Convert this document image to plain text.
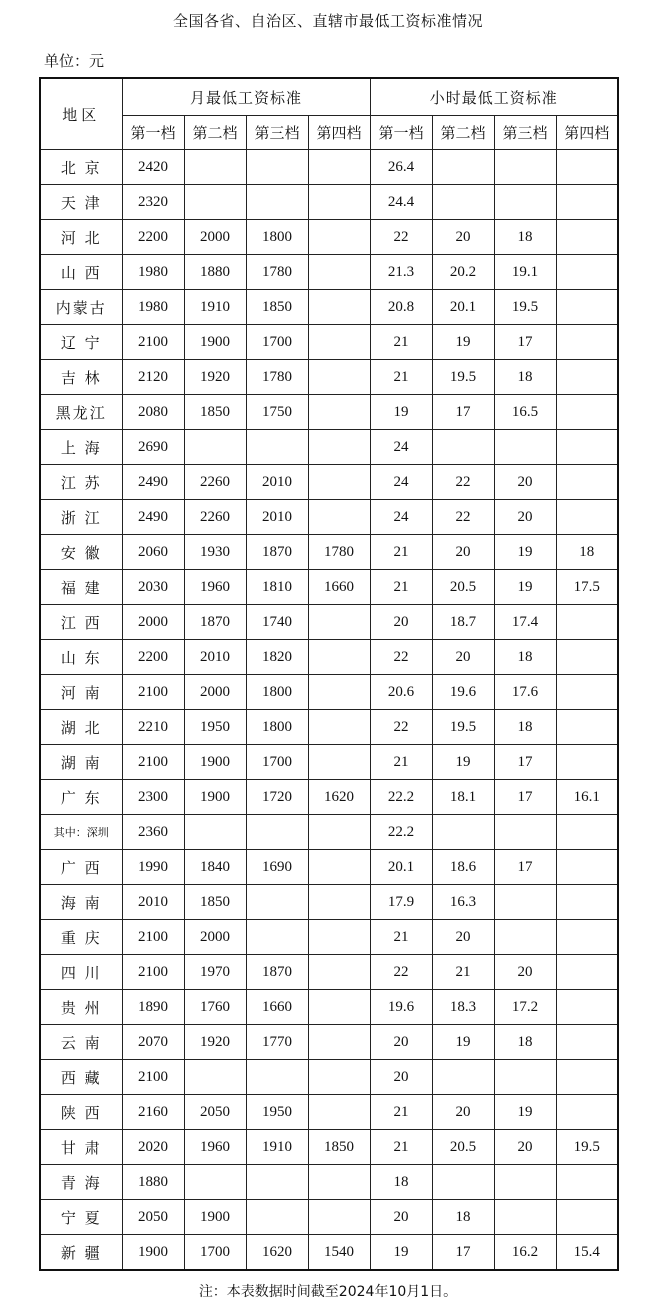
全国各省、自治区、直辖市最低工资标准情况
单位：元
地区	月最低工资标准				小时最低工资标准			
	第一档	第二档	第三档	第四档	第一档	第二档	第三档	第四档
北 京	2420				26.4			
天 津	2320				24.4			
河 北	2200	2000	1800		22	20	18	
山 西	1980	1880	1780		21.3	20.2	19.1	
内蒙古	1980	1910	1850		20.8	20.1	19.5	
辽 宁	2100	1900	1700		21	19	17	
吉 林	2120	1920	1780		21	19.5	18	
黑龙江	2080	1850	1750		19	17	16.5	
上 海	2690				24			
江 苏	2490	2260	2010		24	22	20	
浙 江	2490	2260	2010		24	22	20	
安 徽	2060	1930	1870	1780	21	20	19	18
福 建	2030	1960	1810	1660	21	20.5	19	17.5
江 西	2000	1870	1740		20	18.7	17.4	
山 东	2200	2010	1820		22	20	18	
河 南	2100	2000	1800		20.6	19.6	17.6	
湖 北	2210	1950	1800		22	19.5	18	
湖 南	2100	1900	1700		21	19	17	
广 东	2300	1900	1720	1620	22.2	18.1	17	16.1
其中：深圳	2360				22.2			
广 西	1990	1840	1690		20.1	18.6	17	
海 南	2010	1850			17.9	16.3		
重 庆	2100	2000			21	20		
四 川	2100	1970	1870		22	21	20	
贵 州	1890	1760	1660		19.6	18.3	17.2	
云 南	2070	1920	1770		20	19	18	
西 藏	2100				20			
陕 西	2160	2050	1950		21	20	19	
甘 肃	2020	1960	1910	1850	21	20.5	20	19.5
青 海	1880				18			
宁 夏	2050	1900			20	18		
新 疆	1900	1700	1620	1540	19	17	16.2	15.4
注：本表数据时间截至2024年10月1日。
